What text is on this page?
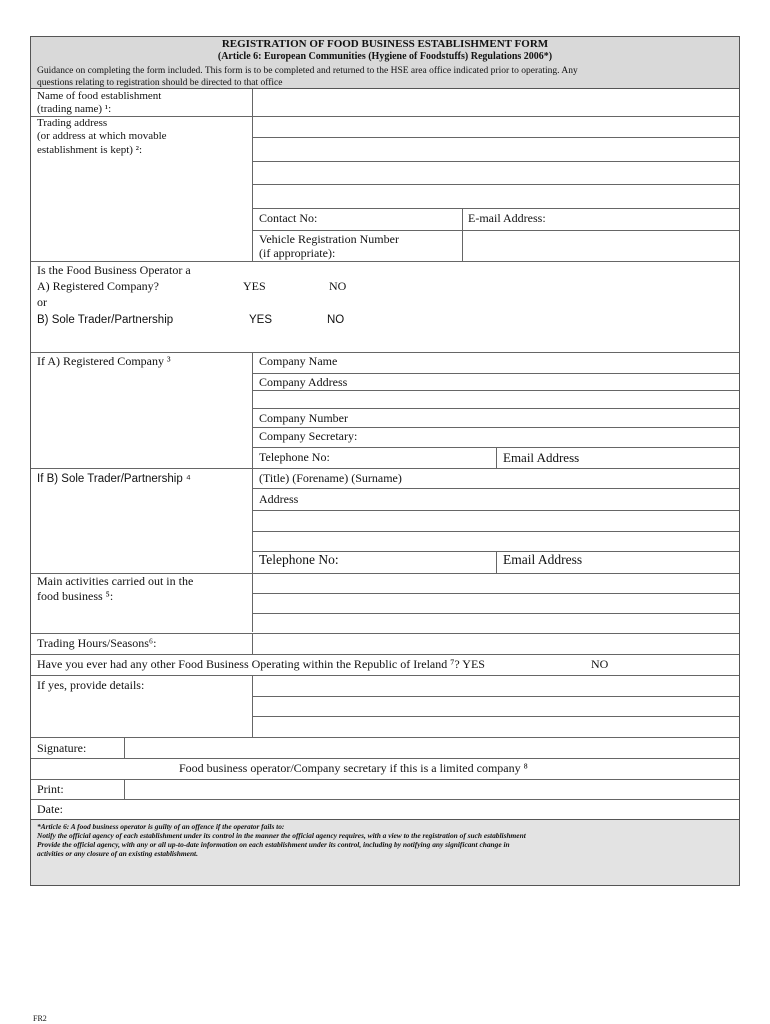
REGISTRATION OF FOOD BUSINESS ESTABLISHMENT FORM
(Article 6: European Communities (Hygiene of Foodstuffs) Regulations 2006*)
Guidance on completing the form included. This form is to be completed and returned to the HSE area office indicated prior to operating. Any
questions relating to registration should be directed to that office
Name of food establishment
(trading name) ¹:
Trading address
(or address at which movable
establishment is kept) ²:
Contact No:	E-mail Address:
Vehicle Registration Number
(if appropriate):
Is the Food Business Operator a
A) Registered Company?	YES	NO
or
B) Sole Trader/Partnership	YES	NO
If A) Registered Company ³	Company Name
Company Address
Company Number
Company Secretary:
Telephone No:	Email Address
If B) Sole Trader/Partnership ⁴	(Title) (Forename) (Surname)
Address
Telephone No:	Email Address
Main activities carried out in the
food business ⁵:
Trading Hours/Seasons⁶:
Have you ever had any other Food Business Operating within the Republic of Ireland ⁷? YES	NO
If yes, provide details:
Signature:
Food business operator/Company secretary if this is a limited company ⁸
Print:
Date:
*Article 6: A food business operator is guilty of an offence if the operator fails to:
Notify the official agency of each establishment under its control in the manner the official agency requires, with a view to the registration of such establishment
Provide the official agency, with any or all up-to-date information on each establishment under its control, including by notifying any significant change in
activities or any closure of an existing establishment.
FR2
